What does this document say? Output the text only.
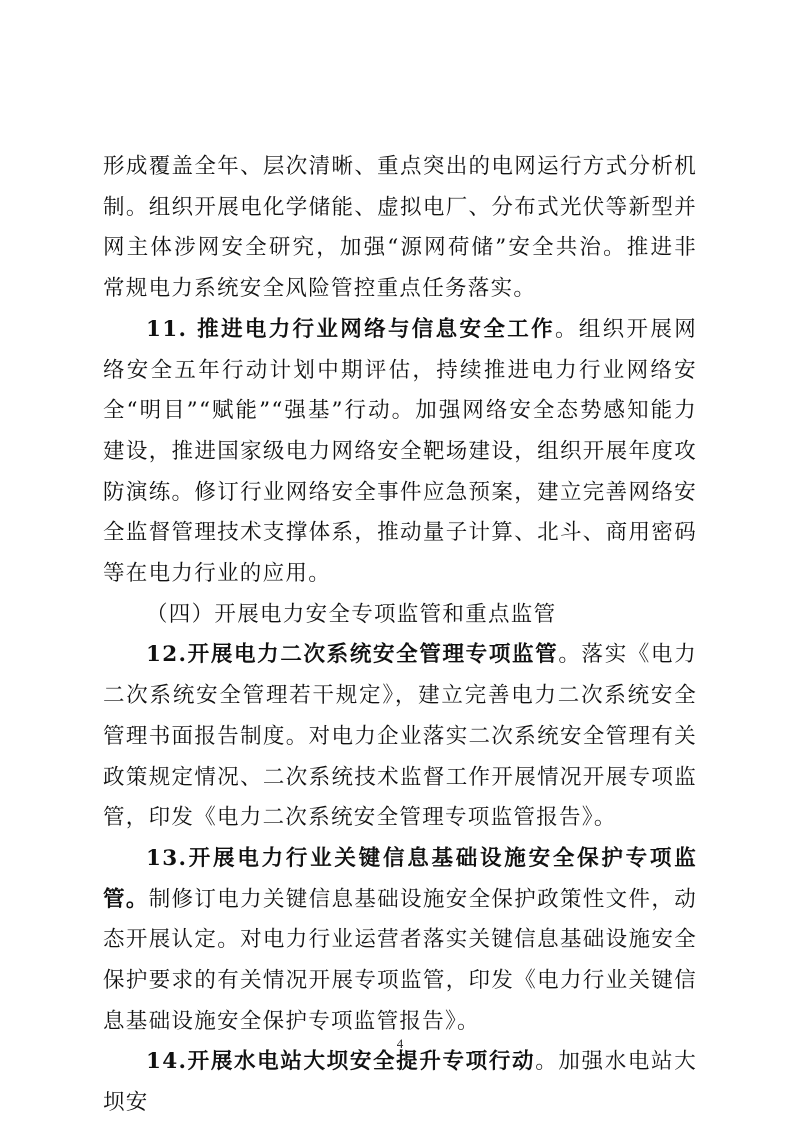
形成覆盖全年、层次清晰、重点突出的电网运行方式分析机制。组织开展电化学储能、虚拟电厂、分布式光伏等新型并网主体涉网安全研究，加强“源网荷储”安全共治。推进非常规电力系统安全风险管控重点任务落实。

11. 推进电力行业网络与信息安全工作。组织开展网络安全五年行动计划中期评估，持续推进电力行业网络安全“明目”“赋能”“强基”行动。加强网络安全态势感知能力建设，推进国家级电力网络安全靶场建设，组织开展年度攻防演练。修订行业网络安全事件应急预案，建立完善网络安全监督管理技术支撑体系，推动量子计算、北斗、商用密码等在电力行业的应用。

（四）开展电力安全专项监管和重点监管

12.开展电力二次系统安全管理专项监管。落实《电力二次系统安全管理若干规定》，建立完善电力二次系统安全管理书面报告制度。对电力企业落实二次系统安全管理有关政策规定情况、二次系统技术监督工作开展情况开展专项监管，印发《电力二次系统安全管理专项监管报告》。

13.开展电力行业关键信息基础设施安全保护专项监管。制修订电力关键信息基础设施安全保护政策性文件，动态开展认定。对电力行业运营者落实关键信息基础设施安全保护要求的有关情况开展专项监管，印发《电力行业关键信息基础设施安全保护专项监管报告》。

14.开展水电站大坝安全提升专项行动。加强水电站大坝安

4
